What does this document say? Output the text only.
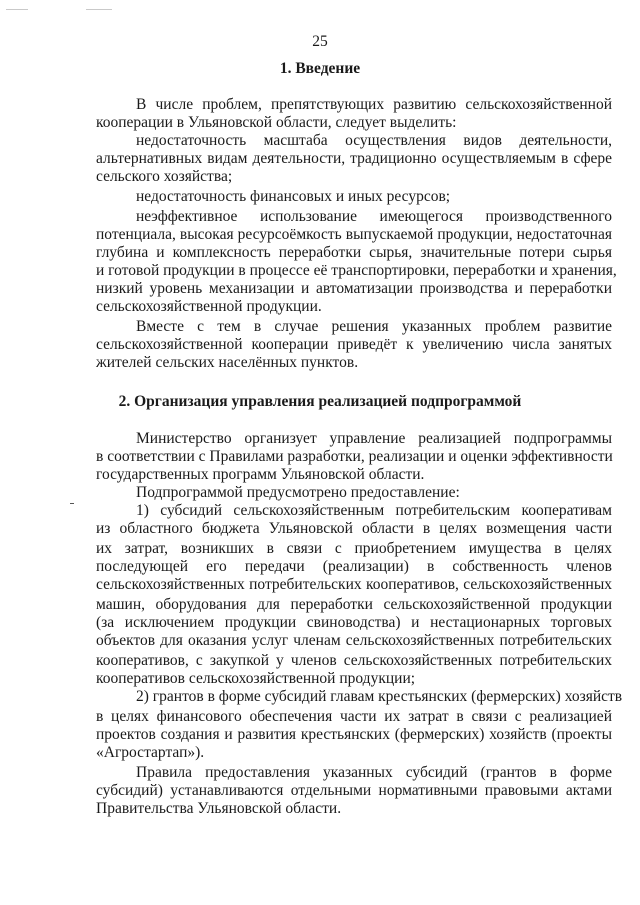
25
1. Введение
В числе проблем, препятствующих развитию сельскохозяйственной
кооперации в Ульяновской области, следует выделить:
недостаточность масштаба осуществления видов деятельности,
альтернативных видам деятельности, традиционно осуществляемым в сфере
сельского хозяйства;
недостаточность финансовых и иных ресурсов;
неэффективное использование имеющегося производственного
потенциала, высокая ресурсоёмкость выпускаемой продукции, недостаточная
глубина и комплексность переработки сырья, значительные потери сырья
и готовой продукции в процессе её транспортировки, переработки и хранения,
низкий уровень механизации и автоматизации производства и переработки
сельскохозяйственной продукции.
Вместе с тем в случае решения указанных проблем развитие
сельскохозяйственной кооперации приведёт к увеличению числа занятых
жителей сельских населённых пунктов.
2. Организация управления реализацией подпрограммой
Министерство организует управление реализацией подпрограммы
в соответствии с Правилами разработки, реализации и оценки эффективности
государственных программ Ульяновской области.
Подпрограммой предусмотрено предоставление:
1) субсидий сельскохозяйственным потребительским кооперативам
из областного бюджета Ульяновской области в целях возмещения части
их затрат, возникших в связи с приобретением имущества в целях
последующей его передачи (реализации) в собственность членов
сельскохозяйственных потребительских кооперативов, сельскохозяйственных
машин, оборудования для переработки сельскохозяйственной продукции
(за исключением продукции свиноводства) и нестационарных торговых
объектов для оказания услуг членам сельскохозяйственных потребительских
кооперативов, с закупкой у членов сельскохозяйственных потребительских
кооперативов сельскохозяйственной продукции;
2) грантов в форме субсидий главам крестьянских (фермерских) хозяйств
в целях финансового обеспечения части их затрат в связи с реализацией
проектов создания и развития крестьянских (фермерских) хозяйств (проекты
«Агростартап»).
Правила предоставления указанных субсидий (грантов в форме
субсидий) устанавливаются отдельными нормативными правовыми актами
Правительства Ульяновской области.
